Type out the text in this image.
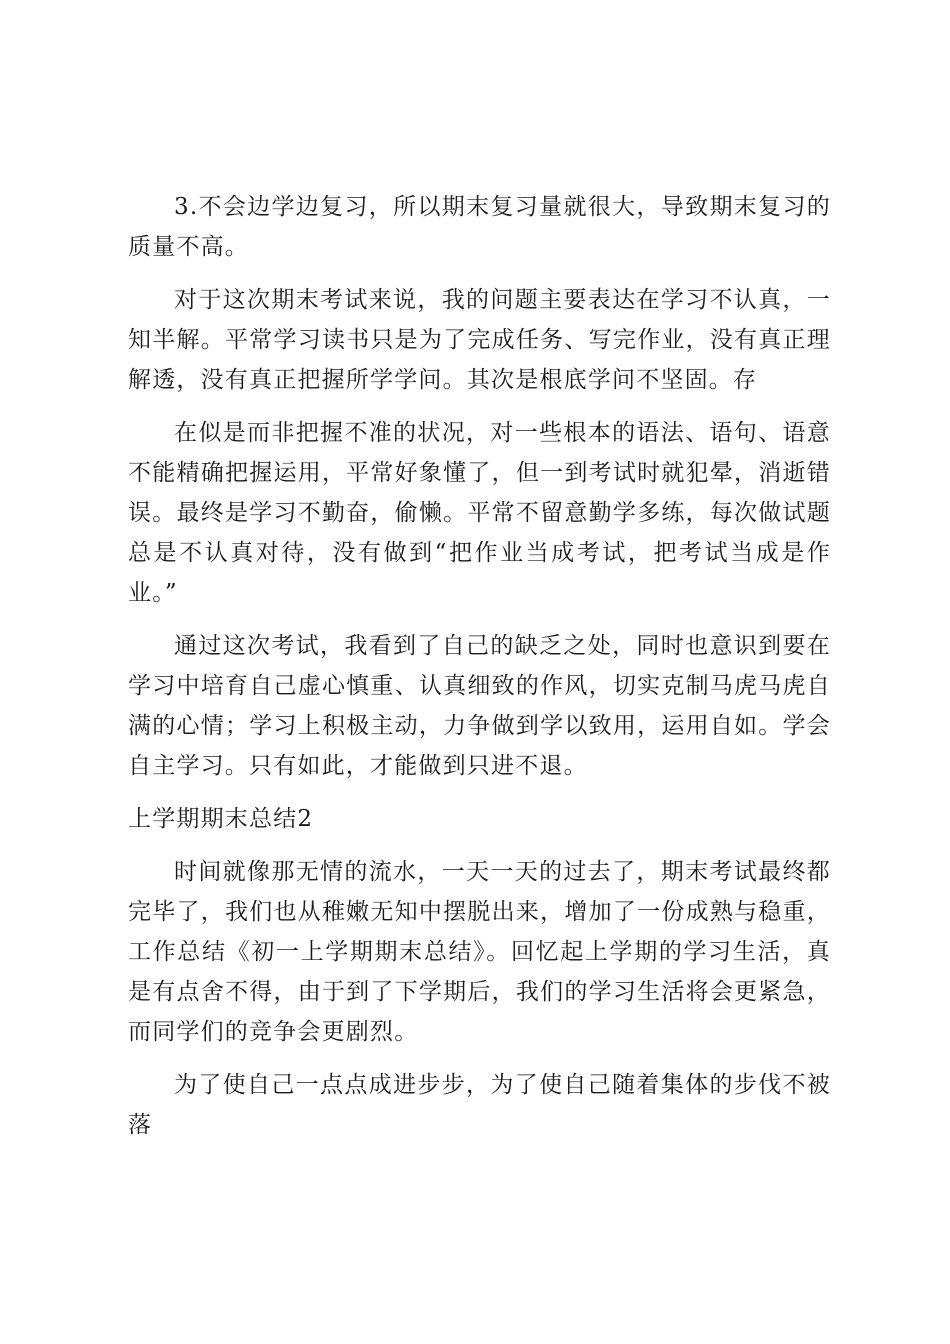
3.不会边学边复习，所以期末复习量就很大，导致期末复习的质量不高。

对于这次期末考试来说，我的问题主要表达在学习不认真，一知半解。平常学习读书只是为了完成任务、写完作业，没有真正理解透，没有真正把握所学学问。其次是根底学问不坚固。存

在似是而非把握不准的状况，对一些根本的语法、语句、语意不能精确把握运用，平常好象懂了，但一到考试时就犯晕，消逝错误。最终是学习不勤奋，偷懒。平常不留意勤学多练，每次做试题总是不认真对待，没有做到“把作业当成考试，把考试当成是作业。”

通过这次考试，我看到了自己的缺乏之处，同时也意识到要在学习中培育自己虚心慎重、认真细致的作风，切实克制马虎马虎自满的心情；学习上积极主动，力争做到学以致用，运用自如。学会自主学习。只有如此，才能做到只进不退。

上学期期末总结2

时间就像那无情的流水，一天一天的过去了，期末考试最终都完毕了，我们也从稚嫩无知中摆脱出来，增加了一份成熟与稳重，工作总结《初一上学期期末总结》。回忆起上学期的学习生活，真是有点舍不得，由于到了下学期后，我们的学习生活将会更紧急，而同学们的竞争会更剧烈。

为了使自己一点点成进步步，为了使自己随着集体的步伐不被落
